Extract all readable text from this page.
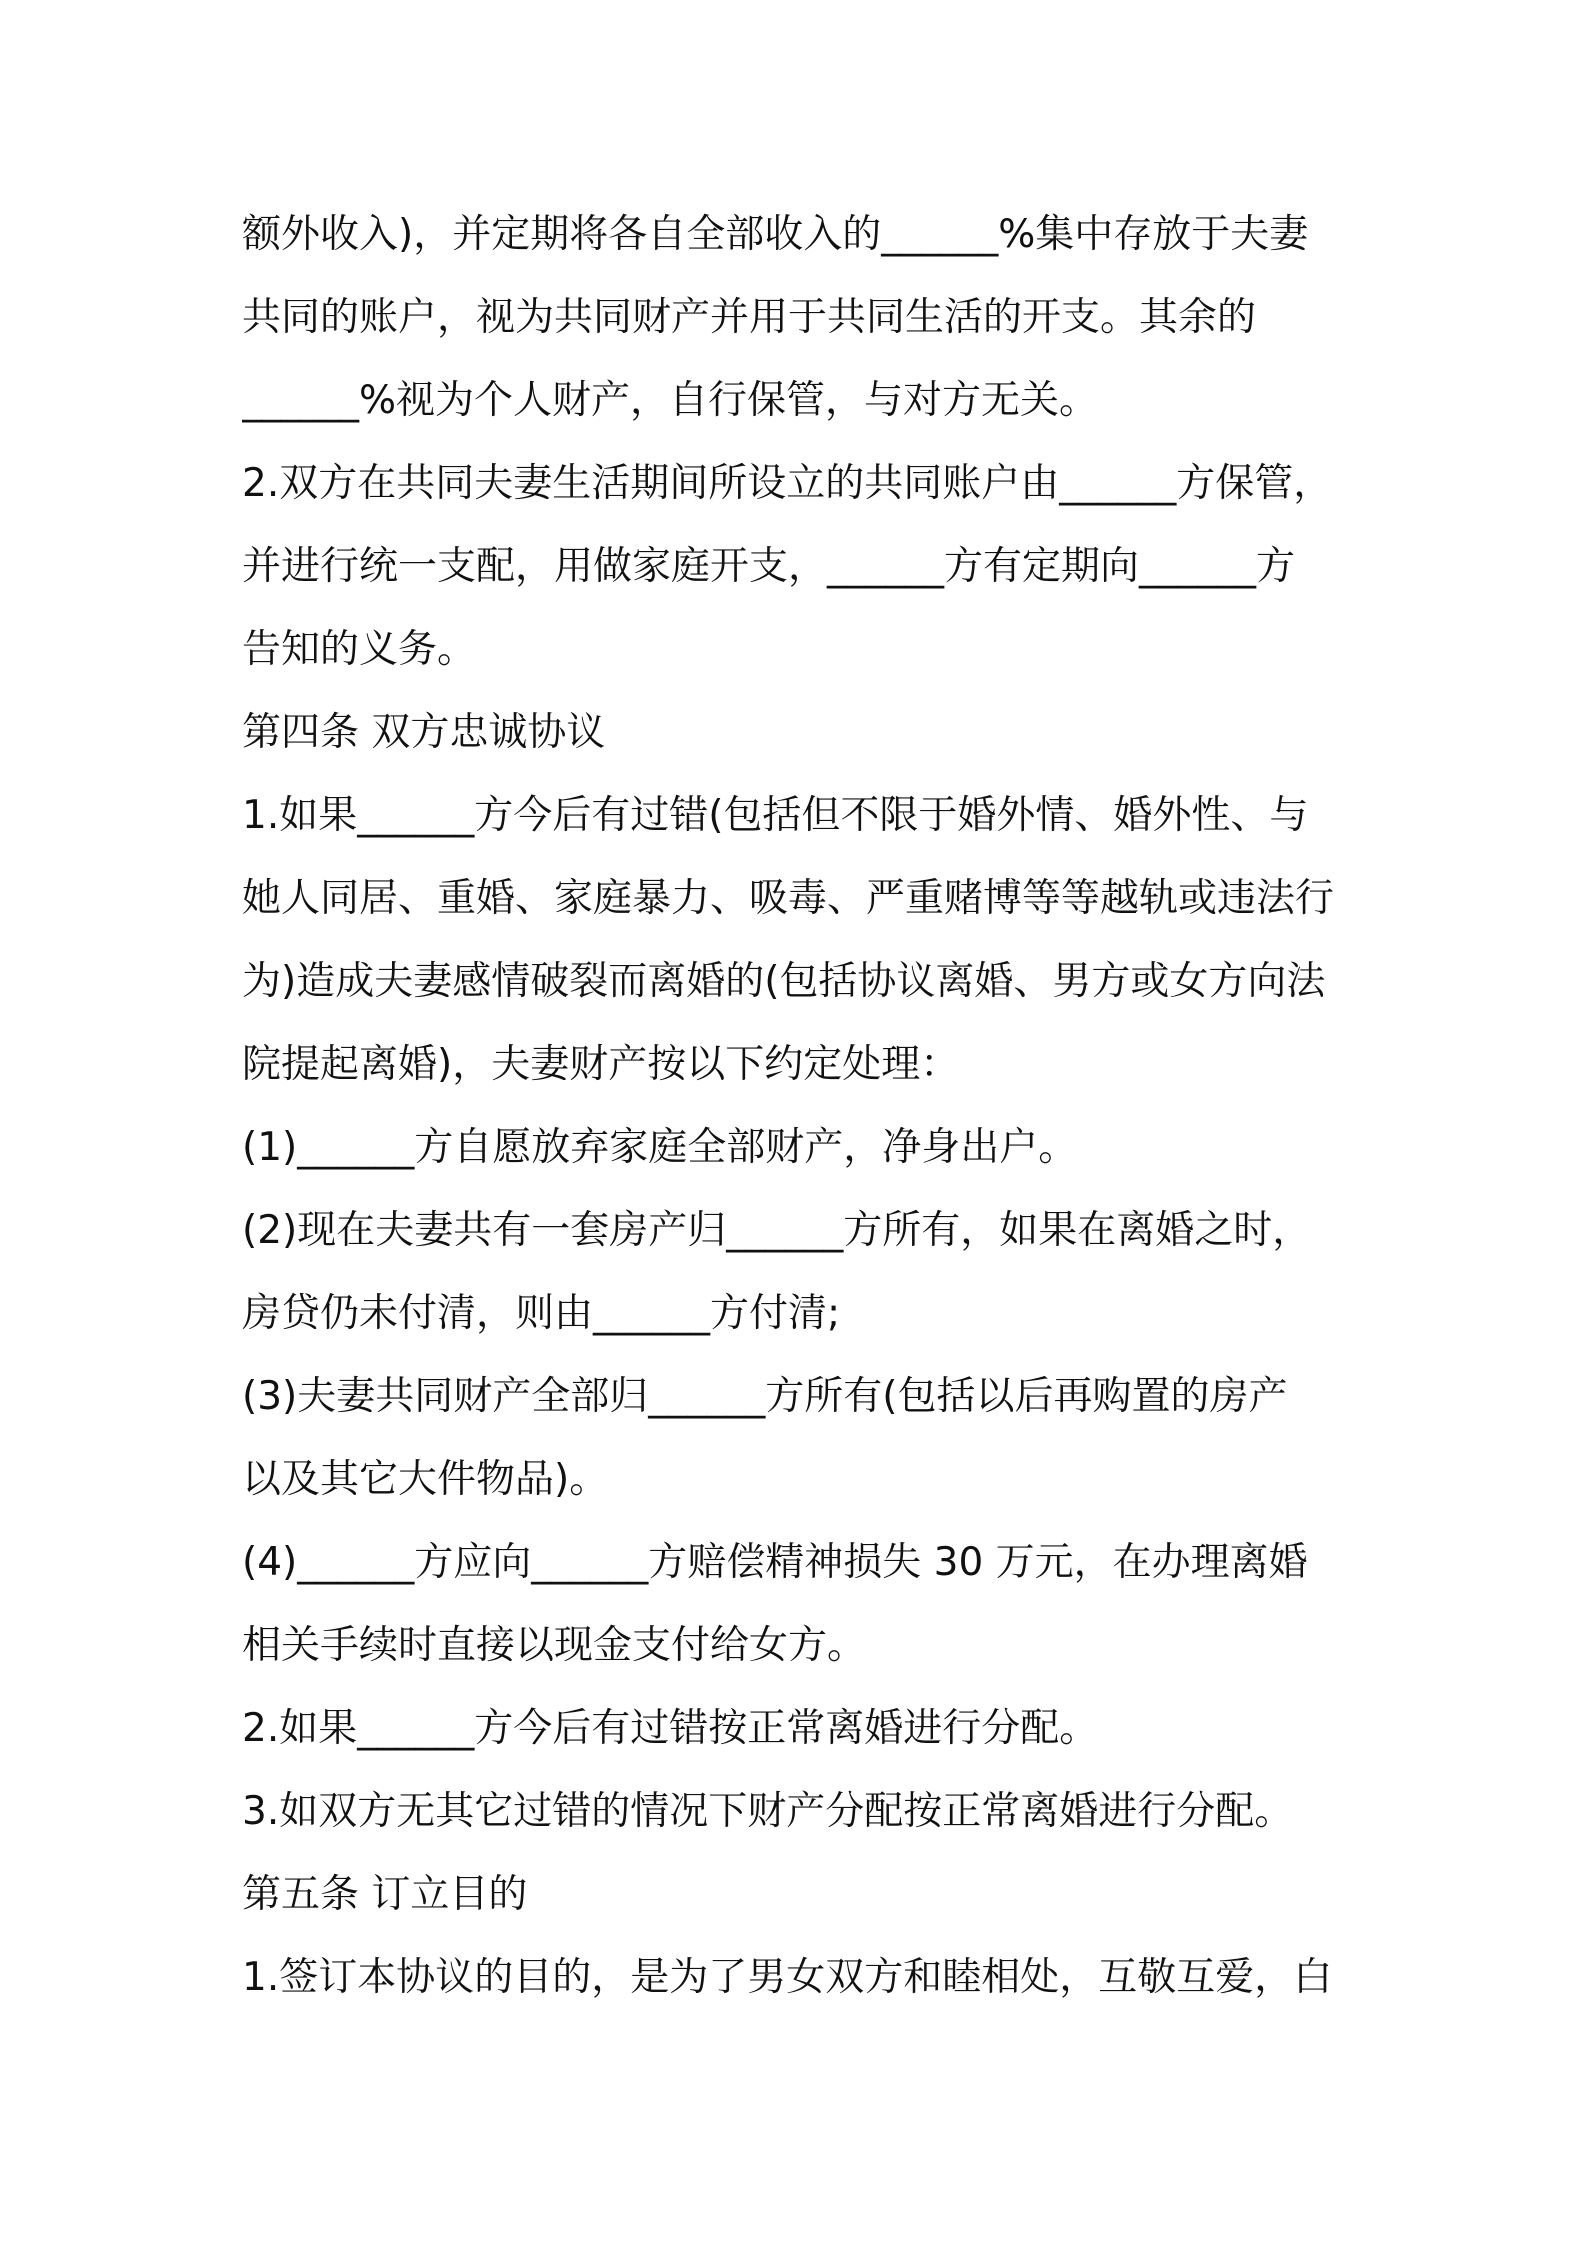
额外收入)，并定期将各自全部收入的______%集中存放于夫妻
共同的账户，视为共同财产并用于共同生活的开支。其余的
______%视为个人财产，自行保管，与对方无关。
2.双方在共同夫妻生活期间所设立的共同账户由______方保管，
并进行统一支配，用做家庭开支，______方有定期向______方
告知的义务。
第四条 双方忠诚协议
1.如果______方今后有过错(包括但不限于婚外情、婚外性、与
她人同居、重婚、家庭暴力、吸毒、严重赌博等等越轨或违法行
为)造成夫妻感情破裂而离婚的(包括协议离婚、男方或女方向法
院提起离婚)，夫妻财产按以下约定处理：
(1)______方自愿放弃家庭全部财产，净身出户。
(2)现在夫妻共有一套房产归______方所有，如果在离婚之时，
房贷仍未付清，则由______方付清;
(3)夫妻共同财产全部归______方所有(包括以后再购置的房产
以及其它大件物品)。
(4)______方应向______方赔偿精神损失 30 万元，在办理离婚
相关手续时直接以现金支付给女方。
2.如果______方今后有过错按正常离婚进行分配。
3.如双方无其它过错的情况下财产分配按正常离婚进行分配。
第五条 订立目的
1.签订本协议的目的，是为了男女双方和睦相处，互敬互爱，白
